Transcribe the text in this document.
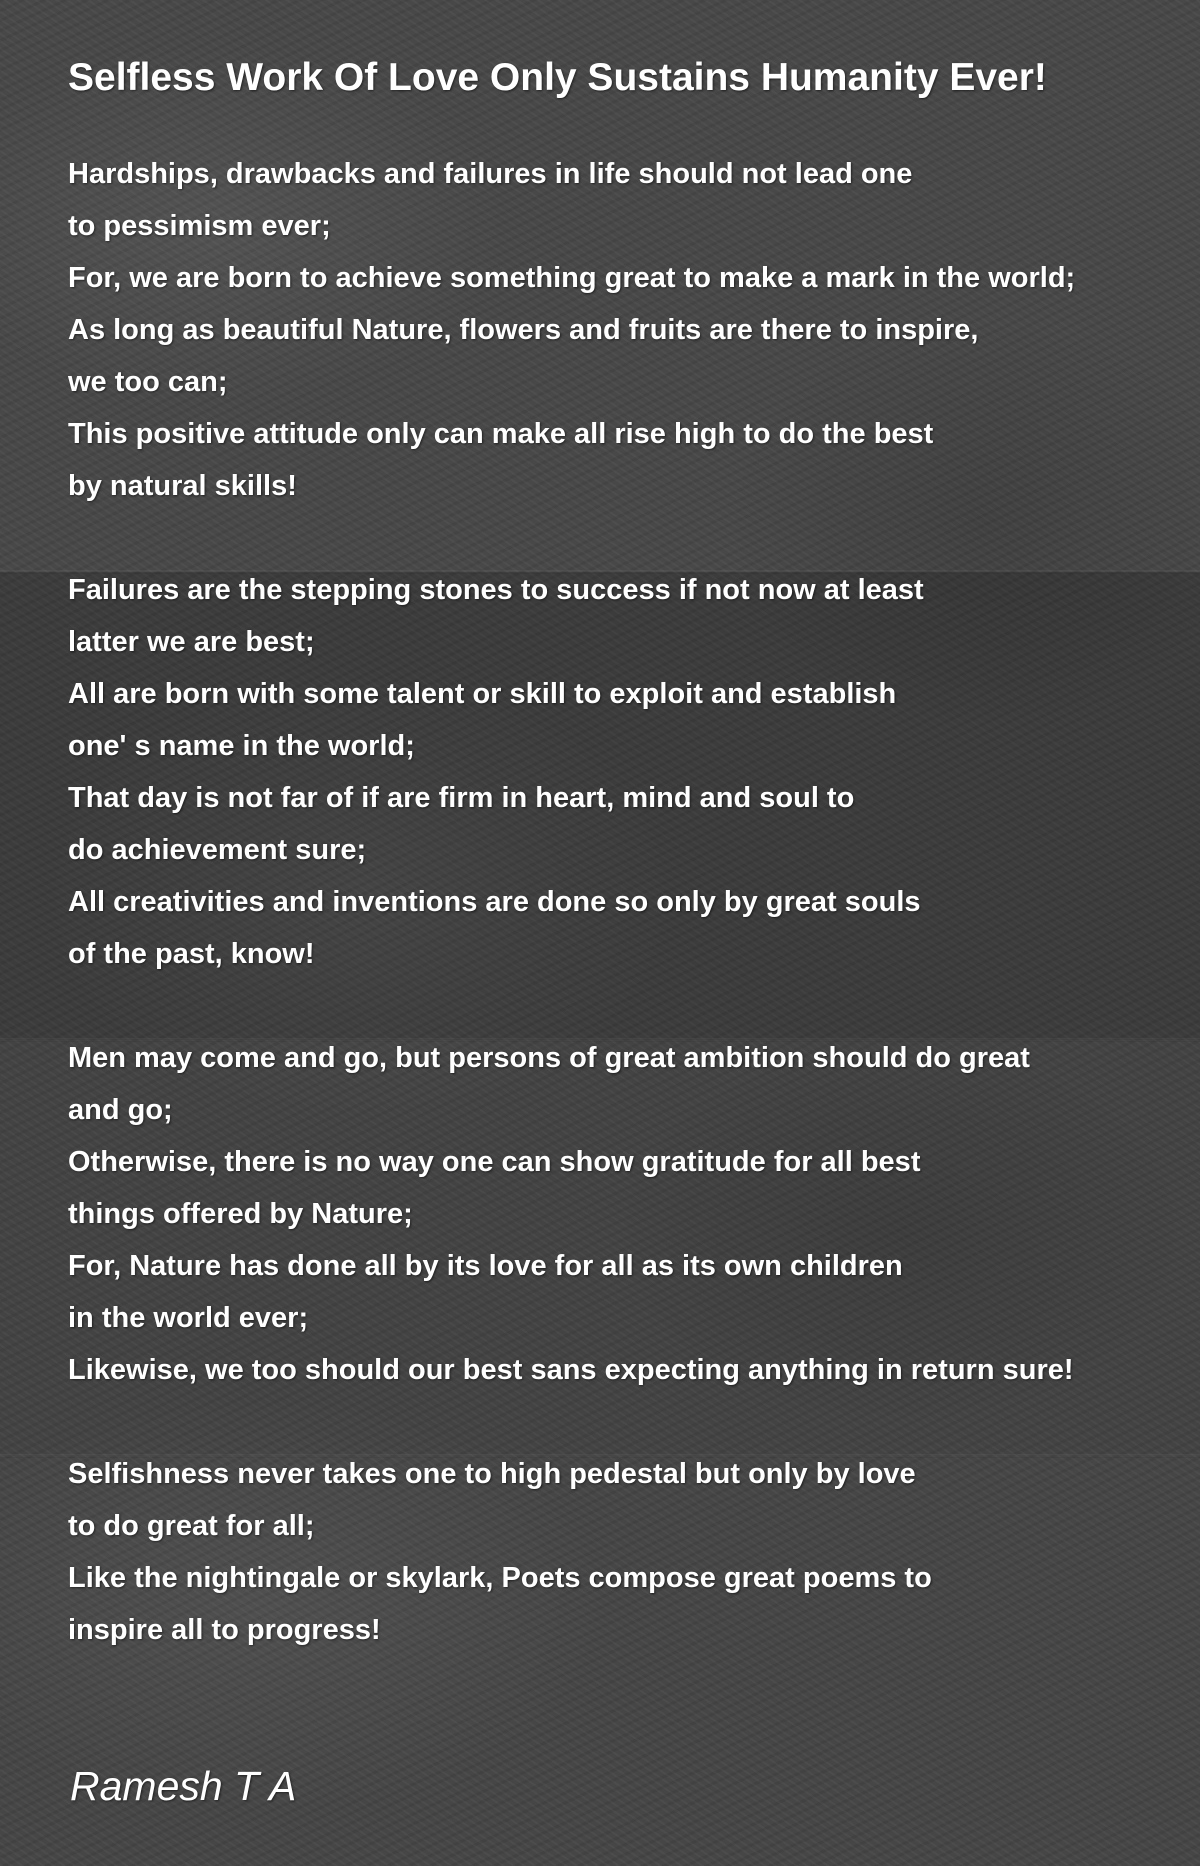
Selfless Work Of Love Only Sustains Humanity Ever!

Hardships, drawbacks and failures in life should not lead one
to pessimism ever;
For, we are born to achieve something great to make a mark in the world;
As long as beautiful Nature, flowers and fruits are there to inspire,
we too can;
This positive attitude only can make all rise high to do the best
by natural skills!

Failures are the stepping stones to success if not now at least
latter we are best;
All are born with some talent or skill to exploit and establish
one' s name in the world;
That day is not far of if are firm in heart, mind and soul to
do achievement sure;
All creativities and inventions are done so only by great souls
of the past, know!

Men may come and go, but persons of great ambition should do great
and go;
Otherwise, there is no way one can show gratitude for all best
things offered by Nature;
For, Nature has done all by its love for all as its own children
in the world ever;
Likewise, we too should our best sans expecting anything in return sure!

Selfishness never takes one to high pedestal but only by love
to do great for all;
Like the nightingale or skylark, Poets compose great poems to
inspire all to progress!

Ramesh T A
